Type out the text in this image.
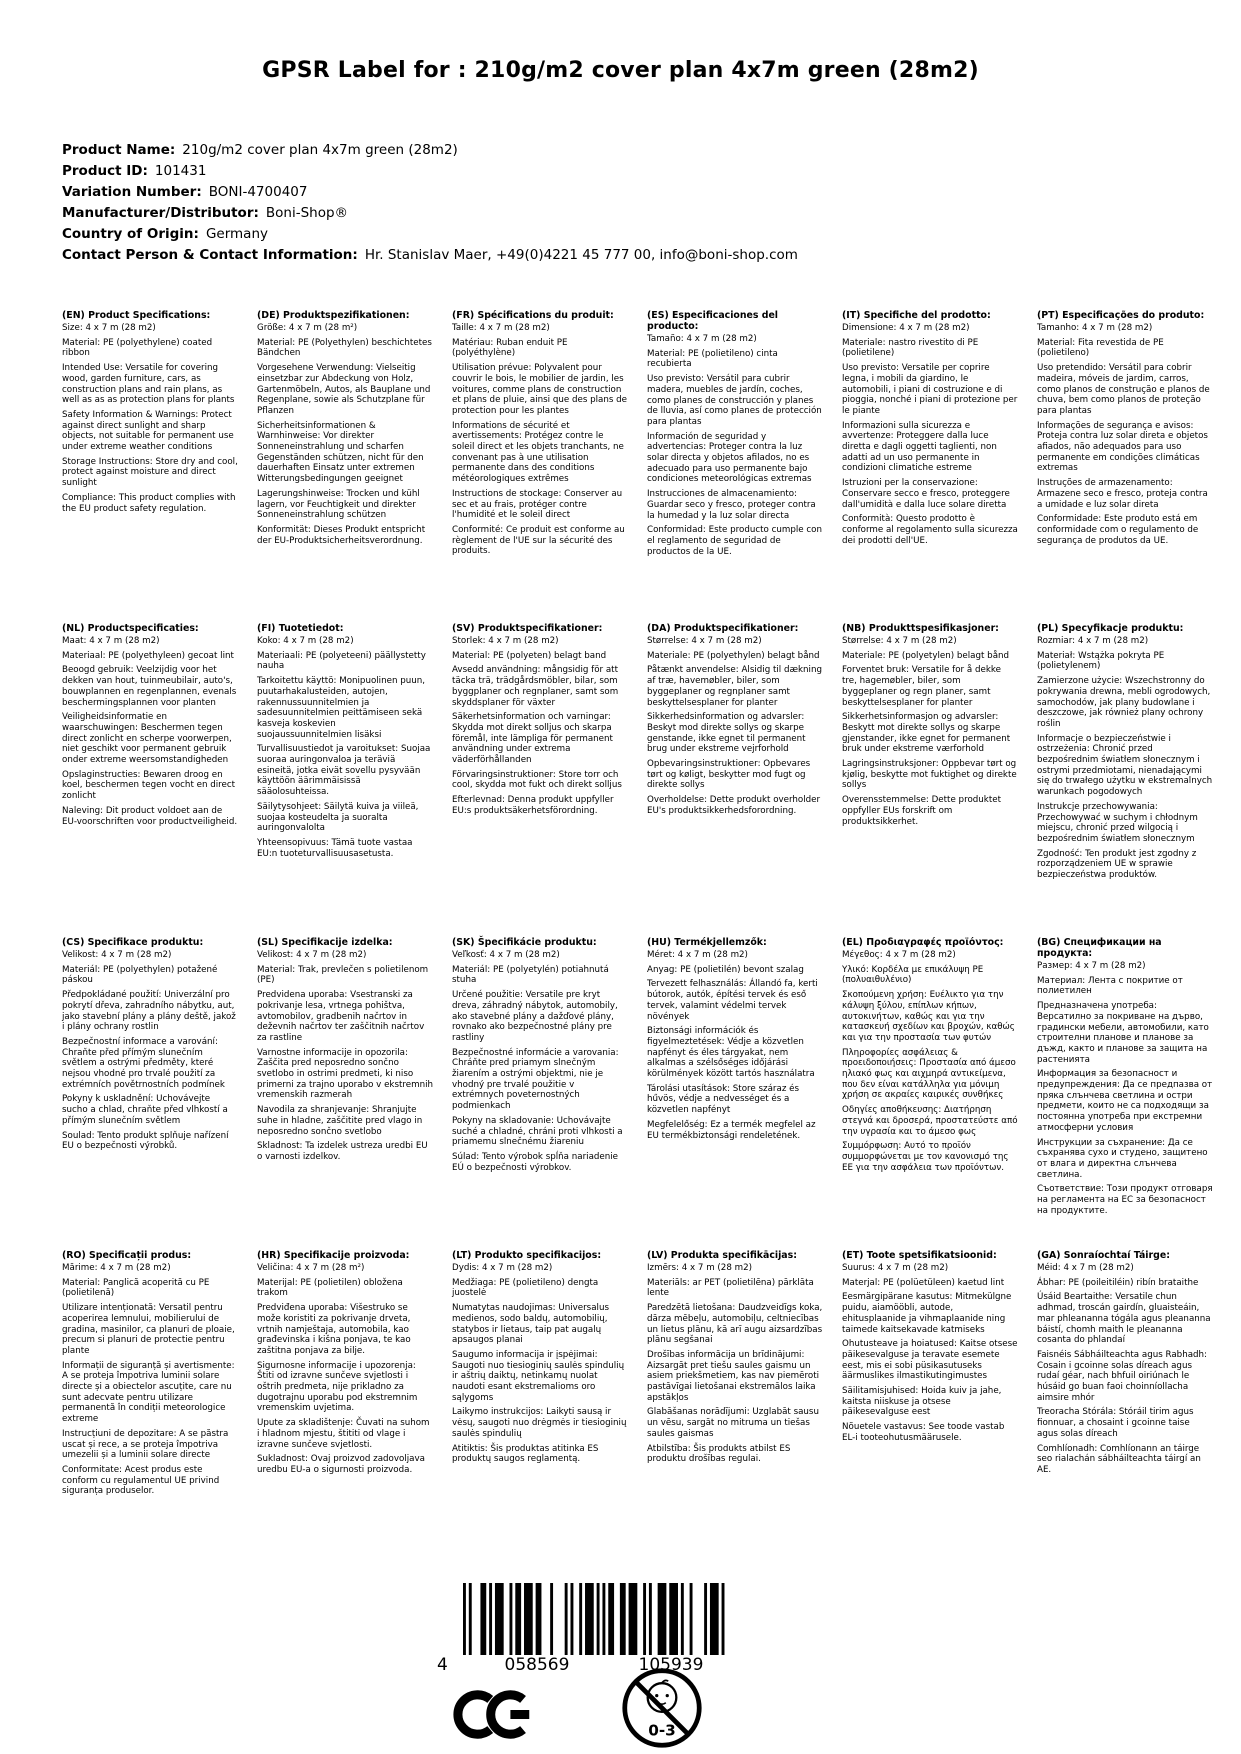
GPSR Label for : 210g/m2 cover plan 4x7m green (28m2)
Product Name: 210g/m2 cover plan 4x7m green (28m2)
Product ID: 101431
Variation Number: BONI-4700407
Manufacturer/Distributor: Boni-Shop®
Country of Origin: Germany
Contact Person & Contact Information: Hr. Stanislav Maer, +49(0)4221 45 777 00, info@boni-shop.com
(EN) Product Specifications:

Size: 4 x 7 m (28 m2)

Material: PE (polyethylene) coated ribbon

Intended Use: Versatile for covering wood, garden furniture, cars, as construction plans and rain plans, as well as as as protection plans for plants

Safety Information & Warnings: Protect against direct sunlight and sharp objects, not suitable for permanent use under extreme weather conditions

Storage Instructions: Store dry and cool, protect against moisture and direct sunlight

Compliance: This product complies with the EU product safety regulation.

(DE) Produktspezifikationen:

Größe: 4 x 7 m (28 m²)

Material: PE (Polyethylen) beschichtetes Bändchen

Vorgesehene Verwendung: Vielseitig einsetzbar zur Abdeckung von Holz, Gartenmöbeln, Autos, als Bauplane und Regenplane, sowie als Schutzplane für Pflanzen

Sicherheitsinformationen & Warnhinweise: Vor direkter Sonneneinstrahlung und scharfen Gegenständen schützen, nicht für den dauerhaften Einsatz unter extremen Witterungsbedingungen geeignet

Lagerungshinweise: Trocken und kühl lagern, vor Feuchtigkeit und direkter Sonneneinstrahlung schützen

Konformität: Dieses Produkt entspricht der EU-Produktsicherheitsverordnung.

(FR) Spécifications du produit:

Taille: 4 x 7 m (28 m2)

Matériau: Ruban enduit PE (polyéthylène)

Utilisation prévue: Polyvalent pour couvrir le bois, le mobilier de jardin, les voitures, comme plans de construction et plans de pluie, ainsi que des plans de protection pour les plantes

Informations de sécurité et avertissements: Protégez contre le soleil direct et les objets tranchants, ne convenant pas à une utilisation permanente dans des conditions météorologiques extrêmes

Instructions de stockage: Conserver au sec et au frais, protéger contre l'humidité et le soleil direct

Conformité: Ce produit est conforme au règlement de l'UE sur la sécurité des produits.

(ES) Especificaciones del producto:

Tamaño: 4 x 7 m (28 m2)

Material: PE (polietileno) cinta recubierta

Uso previsto: Versátil para cubrir madera, muebles de jardín, coches, como planes de construcción y planes de lluvia, así como planes de protección para plantas

Información de seguridad y advertencias: Proteger contra la luz solar directa y objetos afilados, no es adecuado para uso permanente bajo condiciones meteorológicas extremas

Instrucciones de almacenamiento: Guardar seco y fresco, proteger contra la humedad y la luz solar directa

Conformidad: Este producto cumple con el reglamento de seguridad de productos de la UE.

(IT) Specifiche del prodotto:

Dimensione: 4 x 7 m (28 m2)

Materiale: nastro rivestito di PE (polietilene)

Uso previsto: Versatile per coprire legna, i mobili da giardino, le automobili, i piani di costruzione e di pioggia, nonché i piani di protezione per le piante

Informazioni sulla sicurezza e avvertenze: Proteggere dalla luce diretta e dagli oggetti taglienti, non adatti ad un uso permanente in condizioni climatiche estreme

Istruzioni per la conservazione: Conservare secco e fresco, proteggere dall'umidità e dalla luce solare diretta

Conformità: Questo prodotto è conforme al regolamento sulla sicurezza dei prodotti dell'UE.

(PT) Especificações do produto:

Tamanho: 4 x 7 m (28 m2)

Material: Fita revestida de PE (polietileno)

Uso pretendido: Versátil para cobrir madeira, móveis de jardim, carros, como planos de construção e planos de chuva, bem como planos de proteção para plantas

Informações de segurança e avisos: Proteja contra luz solar direta e objetos afiados, não adequados para uso permanente em condições climáticas extremas

Instruções de armazenamento: Armazene seco e fresco, proteja contra a umidade e luz solar direta

Conformidade: Este produto está em conformidade com o regulamento de segurança de produtos da UE.

(NL) Productspecificaties:

Maat: 4 x 7 m (28 m2)

Materiaal: PE (polyethyleen) gecoat lint

Beoogd gebruik: Veelzijdig voor het dekken van hout, tuinmeubilair, auto's, bouwplannen en regenplannen, evenals beschermingsplannen voor planten

Veiligheidsinformatie en waarschuwingen: Beschermen tegen direct zonlicht en scherpe voorwerpen, niet geschikt voor permanent gebruik onder extreme weersomstandigheden

Opslaginstructies: Bewaren droog en koel, beschermen tegen vocht en direct zonlicht

Naleving: Dit product voldoet aan de EU-voorschriften voor productveiligheid.

(FI) Tuotetiedot:

Koko: 4 x 7 m (28 m2)

Materiaali: PE (polyeteeni) päällystetty nauha

Tarkoitettu käyttö: Monipuolinen puun, puutarhakalusteiden, autojen, rakennussuunnitelmien ja sadesuunnitelmien peittämiseen sekä kasveja koskevien suojaussuunnitelmien lisäksi

Turvallisuustiedot ja varoitukset: Suojaa suoraa auringonvaloa ja teräviä esineitä, jotka eivät sovellu pysyvään käyttöön äärimmäisissä sääolosuhteissa.

Säilytysohjeet: Säilytä kuiva ja viileä, suojaa kosteudelta ja suoralta auringonvalolta

Yhteensopivuus: Tämä tuote vastaa EU:n tuoteturvallisuusasetusta.

(SV) Produktspecifikationer:

Storlek: 4 x 7 m (28 m2)

Material: PE (polyeten) belagt band

Avsedd användning: mångsidig för att täcka trä, trädgårdsmöbler, bilar, som byggplaner och regnplaner, samt som skyddsplaner för växter

Säkerhetsinformation och varningar: Skydda mot direkt solljus och skarpa föremål, inte lämpliga för permanent användning under extrema väderförhållanden

Förvaringsinstruktioner: Store torr och cool, skydda mot fukt och direkt solljus

Efterlevnad: Denna produkt uppfyller EU:s produktsäkerhetsförordning.

(DA) Produktspecifikationer:

Størrelse: 4 x 7 m (28 m2)

Materiale: PE (polyethylen) belagt bånd

Påtænkt anvendelse: Alsidig til dækning af træ, havemøbler, biler, som byggeplaner og regnplaner samt beskyttelsesplaner for planter

Sikkerhedsinformation og advarsler: Beskyt mod direkte sollys og skarpe genstande, ikke egnet til permanent brug under ekstreme vejrforhold

Opbevaringsinstruktioner: Opbevares tørt og køligt, beskytter mod fugt og direkte sollys

Overholdelse: Dette produkt overholder EU's produktsikkerhedsforordning.

(NB) Produkttspesifikasjoner:

Størrelse: 4 x 7 m (28 m2)

Materiale: PE (polyetylen) belagt bånd

Forventet bruk: Versatile for å dekke tre, hagemøbler, biler, som byggeplaner og regn planer, samt beskyttelsesplaner for planter

Sikkerhetsinformasjon og advarsler: Beskytt mot direkte sollys og skarpe gjenstander, ikke egnet for permanent bruk under ekstreme værforhold

Lagringsinstruksjoner: Oppbevar tørt og kjølig, beskytte mot fuktighet og direkte sollys

Overensstemmelse: Dette produktet oppfyller EUs forskrift om produktsikkerhet.

(PL) Specyfikacje produktu:

Rozmiar: 4 x 7 m (28 m2)

Materiał: Wstążka pokryta PE (polietylenem)

Zamierzone użycie: Wszechstronny do pokrywania drewna, mebli ogrodowych, samochodów, jak plany budowlane i deszczowe, jak również plany ochrony roślin

Informacje o bezpieczeństwie i ostrzeżenia: Chronić przed bezpośrednim światłem słonecznym i ostrymi przedmiotami, nienadającymi się do trwałego użytku w ekstremalnych warunkach pogodowych

Instrukcje przechowywania: Przechowywać w suchym i chłodnym miejscu, chronić przed wilgocią i bezpośrednim światłem słonecznym

Zgodność: Ten produkt jest zgodny z rozporządzeniem UE w sprawie bezpieczeństwa produktów.

(CS) Specifikace produktu:

Velikost: 4 x 7 m (28 m2)

Materiál: PE (polyethylen) potažené páskou

Předpokládané použití: Univerzální pro pokrytí dřeva, zahradního nábytku, aut, jako stavební plány a plány deště, jakož i plány ochrany rostlin

Bezpečnostní informace a varování: Chraňte před přímým slunečním světlem a ostrými předměty, které nejsou vhodné pro trvalé použití za extrémních povětrnostních podmínek

Pokyny k uskladnění: Uchovávejte sucho a chlad, chraňte před vlhkostí a přímým slunečním světlem

Soulad: Tento produkt splňuje nařízení EU o bezpečnosti výrobků.

(SL) Specifikacije izdelka:

Velikost: 4 x 7 m (28 m2)

Material: Trak, prevlečen s polietilenom (PE)

Predvidena uporaba: Vsestranski za pokrivanje lesa, vrtnega pohištva, avtomobilov, gradbenih načrtov in deževnih načrtov ter zaščitnih načrtov za rastline

Varnostne informacije in opozorila: Zaščita pred neposredno sončno svetlobo in ostrimi predmeti, ki niso primerni za trajno uporabo v ekstremnih vremenskih razmerah

Navodila za shranjevanje: Shranjujte suhe in hladne, zaščitite pred vlago in neposredno sončno svetlobo

Skladnost: Ta izdelek ustreza uredbi EU o varnosti izdelkov.

(SK) Špecifikácie produktu:

Veľkosť: 4 x 7 m (28 m2)

Materiál: PE (polyetylén) potiahnutá stuha

Určené použitie: Versatile pre kryt dreva, záhradný nábytok, automobily, ako stavebné plány a dažďové plány, rovnako ako bezpečnostné plány pre rastliny

Bezpečnostné informácie a varovania: Chráňte pred priamym slnečným žiarením a ostrými objektmi, nie je vhodný pre trvalé použitie v extrémnych poveternostných podmienkach

Pokyny na skladovanie: Uchovávajte suché a chladné, chráni proti vlhkosti a priamemu slnečnému žiareniu

Súlad: Tento výrobok spĺňa nariadenie EÚ o bezpečnosti výrobkov.

(HU) Termékjellemzők:

Méret: 4 x 7 m (28 m2)

Anyag: PE (polietilén) bevont szalag

Tervezett felhasználás: Állandó fa, kerti bútorok, autók, építési tervek és eső tervek, valamint védelmi tervek növények

Biztonsági információk és figyelmeztetések: Védje a közvetlen napfényt és éles tárgyakat, nem alkalmas a szélsőséges időjárási körülmények között tartós használatra

Tárolási utasítások: Store száraz és hűvös, védje a nedvességet és a közvetlen napfényt

Megfelelőség: Ez a termék megfelel az EU termékbiztonsági rendeletének.

(EL) Προδιαγραφές προϊόντος:

Μέγεθος: 4 x 7 m (28 m2)

Υλικό: Κορδέλα με επικάλυψη PE (πολυαιθυλένιο)

Σκοπούμενη χρήση: Ευέλικτο για την κάλυψη ξύλου, επίπλων κήπων, αυτοκινήτων, καθώς και για την κατασκευή σχεδίων και βροχών, καθώς και για την προστασία των φυτών

Πληροφορίες ασφάλειας & προειδοποιήσεις: Προστασία από άμεσο ηλιακό φως και αιχμηρά αντικείμενα, που δεν είναι κατάλληλα για μόνιμη χρήση σε ακραίες καιρικές συνθήκες

Οδηγίες αποθήκευσης: Διατήρηση στεγνά και δροσερά, προστατεύστε από την υγρασία και το άμεσο φως

Συμμόρφωση: Αυτό το προϊόν συμμορφώνεται με τον κανονισμό της ΕΕ για την ασφάλεια των προϊόντων.

(BG) Спецификации на продукта:

Размер: 4 x 7 m (28 m2)

Материал: Лента с покритие от полиетилен

Предназначена употреба: Версатилно за покриване на дърво, градински мебели, автомобили, като строителни планове и планове за дъжд, както и планове за защита на растенията

Информация за безопасност и предупреждения: Да се предпазва от пряка слънчева светлина и остри предмети, които не са подходящи за постоянна употреба при екстремни атмосферни условия

Инструкции за съхранение: Да се съхранява сухо и студено, защитено от влага и директна слънчева светлина.

Съответствие: Този продукт отговаря на регламента на ЕС за безопасност на продуктите.

(RO) Specificații produs:

Mărime: 4 x 7 m (28 m2)

Material: Panglică acoperită cu PE (polietilenă)

Utilizare intenționată: Versatil pentru acoperirea lemnului, mobilierului de gradina, masinilor, ca planuri de ploaie, precum si planuri de protectie pentru plante

Informații de siguranță și avertismente: A se proteja împotriva luminii solare directe și a obiectelor ascuțite, care nu sunt adecvate pentru utilizare permanentă în condiții meteorologice extreme

Instrucțiuni de depozitare: A se păstra uscat și rece, a se proteja împotriva umezelii și a luminii solare directe

Conformitate: Acest produs este conform cu regulamentul UE privind siguranța produselor.

(HR) Specifikacije proizvoda:

Veličina: 4 x 7 m (28 m²)

Materijal: PE (polietilen) obložena trakom

Predviđena uporaba: Višestruko se može koristiti za pokrivanje drveta, vrtnih namještaja, automobila, kao građevinska i kišna ponjava, te kao zaštitna ponjava za bilje.

Sigurnosne informacije i upozorenja: Štiti od izravne sunčeve svjetlosti i oštrih predmeta, nije prikladno za dugotrajnu uporabu pod ekstremnim vremenskim uvjetima.

Upute za skladištenje: Čuvati na suhom i hladnom mjestu, štititi od vlage i izravne sunčeve svjetlosti.

Sukladnost: Ovaj proizvod zadovoljava uredbu EU-a o sigurnosti proizvoda.

(LT) Produkto specifikacijos:

Dydis: 4 x 7 m (28 m2)

Medžiaga: PE (polietileno) dengta juostelė

Numatytas naudojimas: Universalus medienos, sodo baldų, automobilių, statybos ir lietaus, taip pat augalų apsaugos planai

Saugumo informacija ir įspėjimai: Saugoti nuo tiesioginių saulės spindulių ir aštrių daiktų, netinkamų nuolat naudoti esant ekstremalioms oro sąlygoms

Laikymo instrukcijos: Laikyti sausą ir vėsų, saugoti nuo drėgmės ir tiesioginių saulės spindulių

Atitiktis: Šis produktas atitinka ES produktų saugos reglamentą.

(LV) Produkta specifikācijas:

Izmērs: 4 x 7 m (28 m2)

Materiāls: ar PET (polietilēna) pārklāta lente

Paredzētā lietošana: Daudzveidīgs koka, dārza mēbeļu, automobiļu, celtniecības un lietus plānu, kā arī augu aizsardzības plānu segšanai

Drošības informācija un brīdinājumi: Aizsargāt pret tiešu saules gaismu un asiem priekšmetiem, kas nav piemēroti pastāvīgai lietošanai ekstremālos laika apstākļos

Glabāšanas norādījumi: Uzglabāt sausu un vēsu, sargāt no mitruma un tiešas saules gaismas

Atbilstība: Šis produkts atbilst ES produktu drošības regulai.

(ET) Toote spetsifikatsioonid:

Suurus: 4 x 7 m (28 m2)

Materjal: PE (polüetüleen) kaetud lint

Eesmärgipärane kasutus: Mitmekülgne puidu, aiamööbli, autode, ehitusplaanide ja vihmaplaanide ning taimede kaitsekavade katmiseks

Ohutusteave ja hoiatused: Kaitse otsese päikesevalguse ja teravate esemete eest, mis ei sobi püsikasutuseks äärmuslikes ilmastikutingimustes

Säilitamisjuhised: Hoida kuiv ja jahe, kaitsta niiskuse ja otsese päikesevalguse eest

Nõuetele vastavus: See toode vastab EL-i tooteohutusmäärusele.

(GA) Sonraíochtaí Táirge:

Méid: 4 x 7 m (28 m2)

Ábhar: PE (poileitiléin) ribín brataithe

Úsáid Beartaithe: Versatile chun adhmad, troscán gairdín, gluaisteáin, mar phleananna tógála agus pleananna báistí, chomh maith le pleananna cosanta do phlandaí

Faisnéis Sábháilteachta agus Rabhadh: Cosain i gcoinne solas díreach agus rudaí géar, nach bhfuil oiriúnach le húsáid go buan faoi choinníollacha aimsire mhór

Treoracha Stórála: Stóráil tirim agus fionnuar, a chosaint i gcoinne taise agus solas díreach

Comhlíonadh: Comhlíonann an táirge seo rialachán sábháilteachta táirgí an AE.

4	058569	105939
0-3
